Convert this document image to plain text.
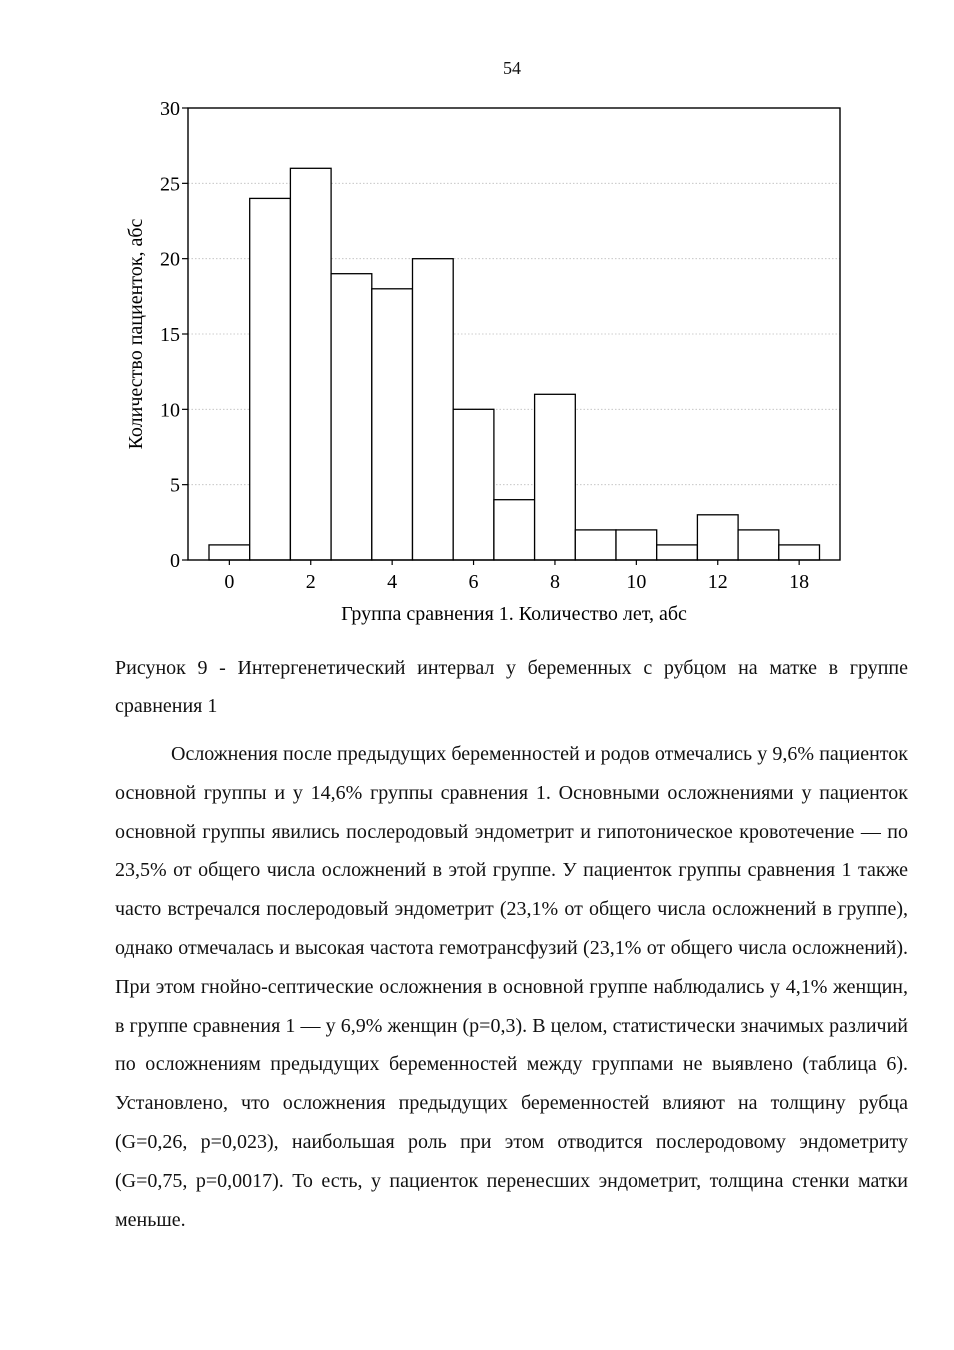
54
0
5
10
15
20
25
30
0	2	4	6	8	10	12	18
Группа сравнения 1. Количество лет, абс
Количество пациенток, абс

Рисунок 9 - Интергенетический интервал у беременных с рубцом на матке в группе сравнения 1

Осложнения после предыдущих беременностей и родов отмечались у 9,6% пациенток основной группы и у 14,6% группы сравнения 1. Основными осложнениями у пациенток основной группы явились послеродовый эндометрит и гипотоническое кровотечение — по 23,5% от общего числа осложнений в этой группе. У пациенток группы сравнения 1 также часто встречался послеродовый эндометрит (23,1% от общего числа осложнений в группе), однако отмечалась и высокая частота гемотрансфузий (23,1% от общего числа осложнений). При этом гнойно-септические осложнения в основной группе наблюдались у 4,1% женщин, в группе сравнения 1 — у 6,9% женщин (p=0,3). В целом, статистически значимых различий по осложнениям предыдущих беременностей между группами не выявлено (таблица 6). Установлено, что осложнения предыдущих беременностей влияют на толщину рубца (G=0,26, p=0,023), наибольшая роль при этом отводится послеродовому эндометриту (G=0,75, p=0,0017). То есть, у пациенток перенесших эндометрит, толщина стенки матки меньше.
